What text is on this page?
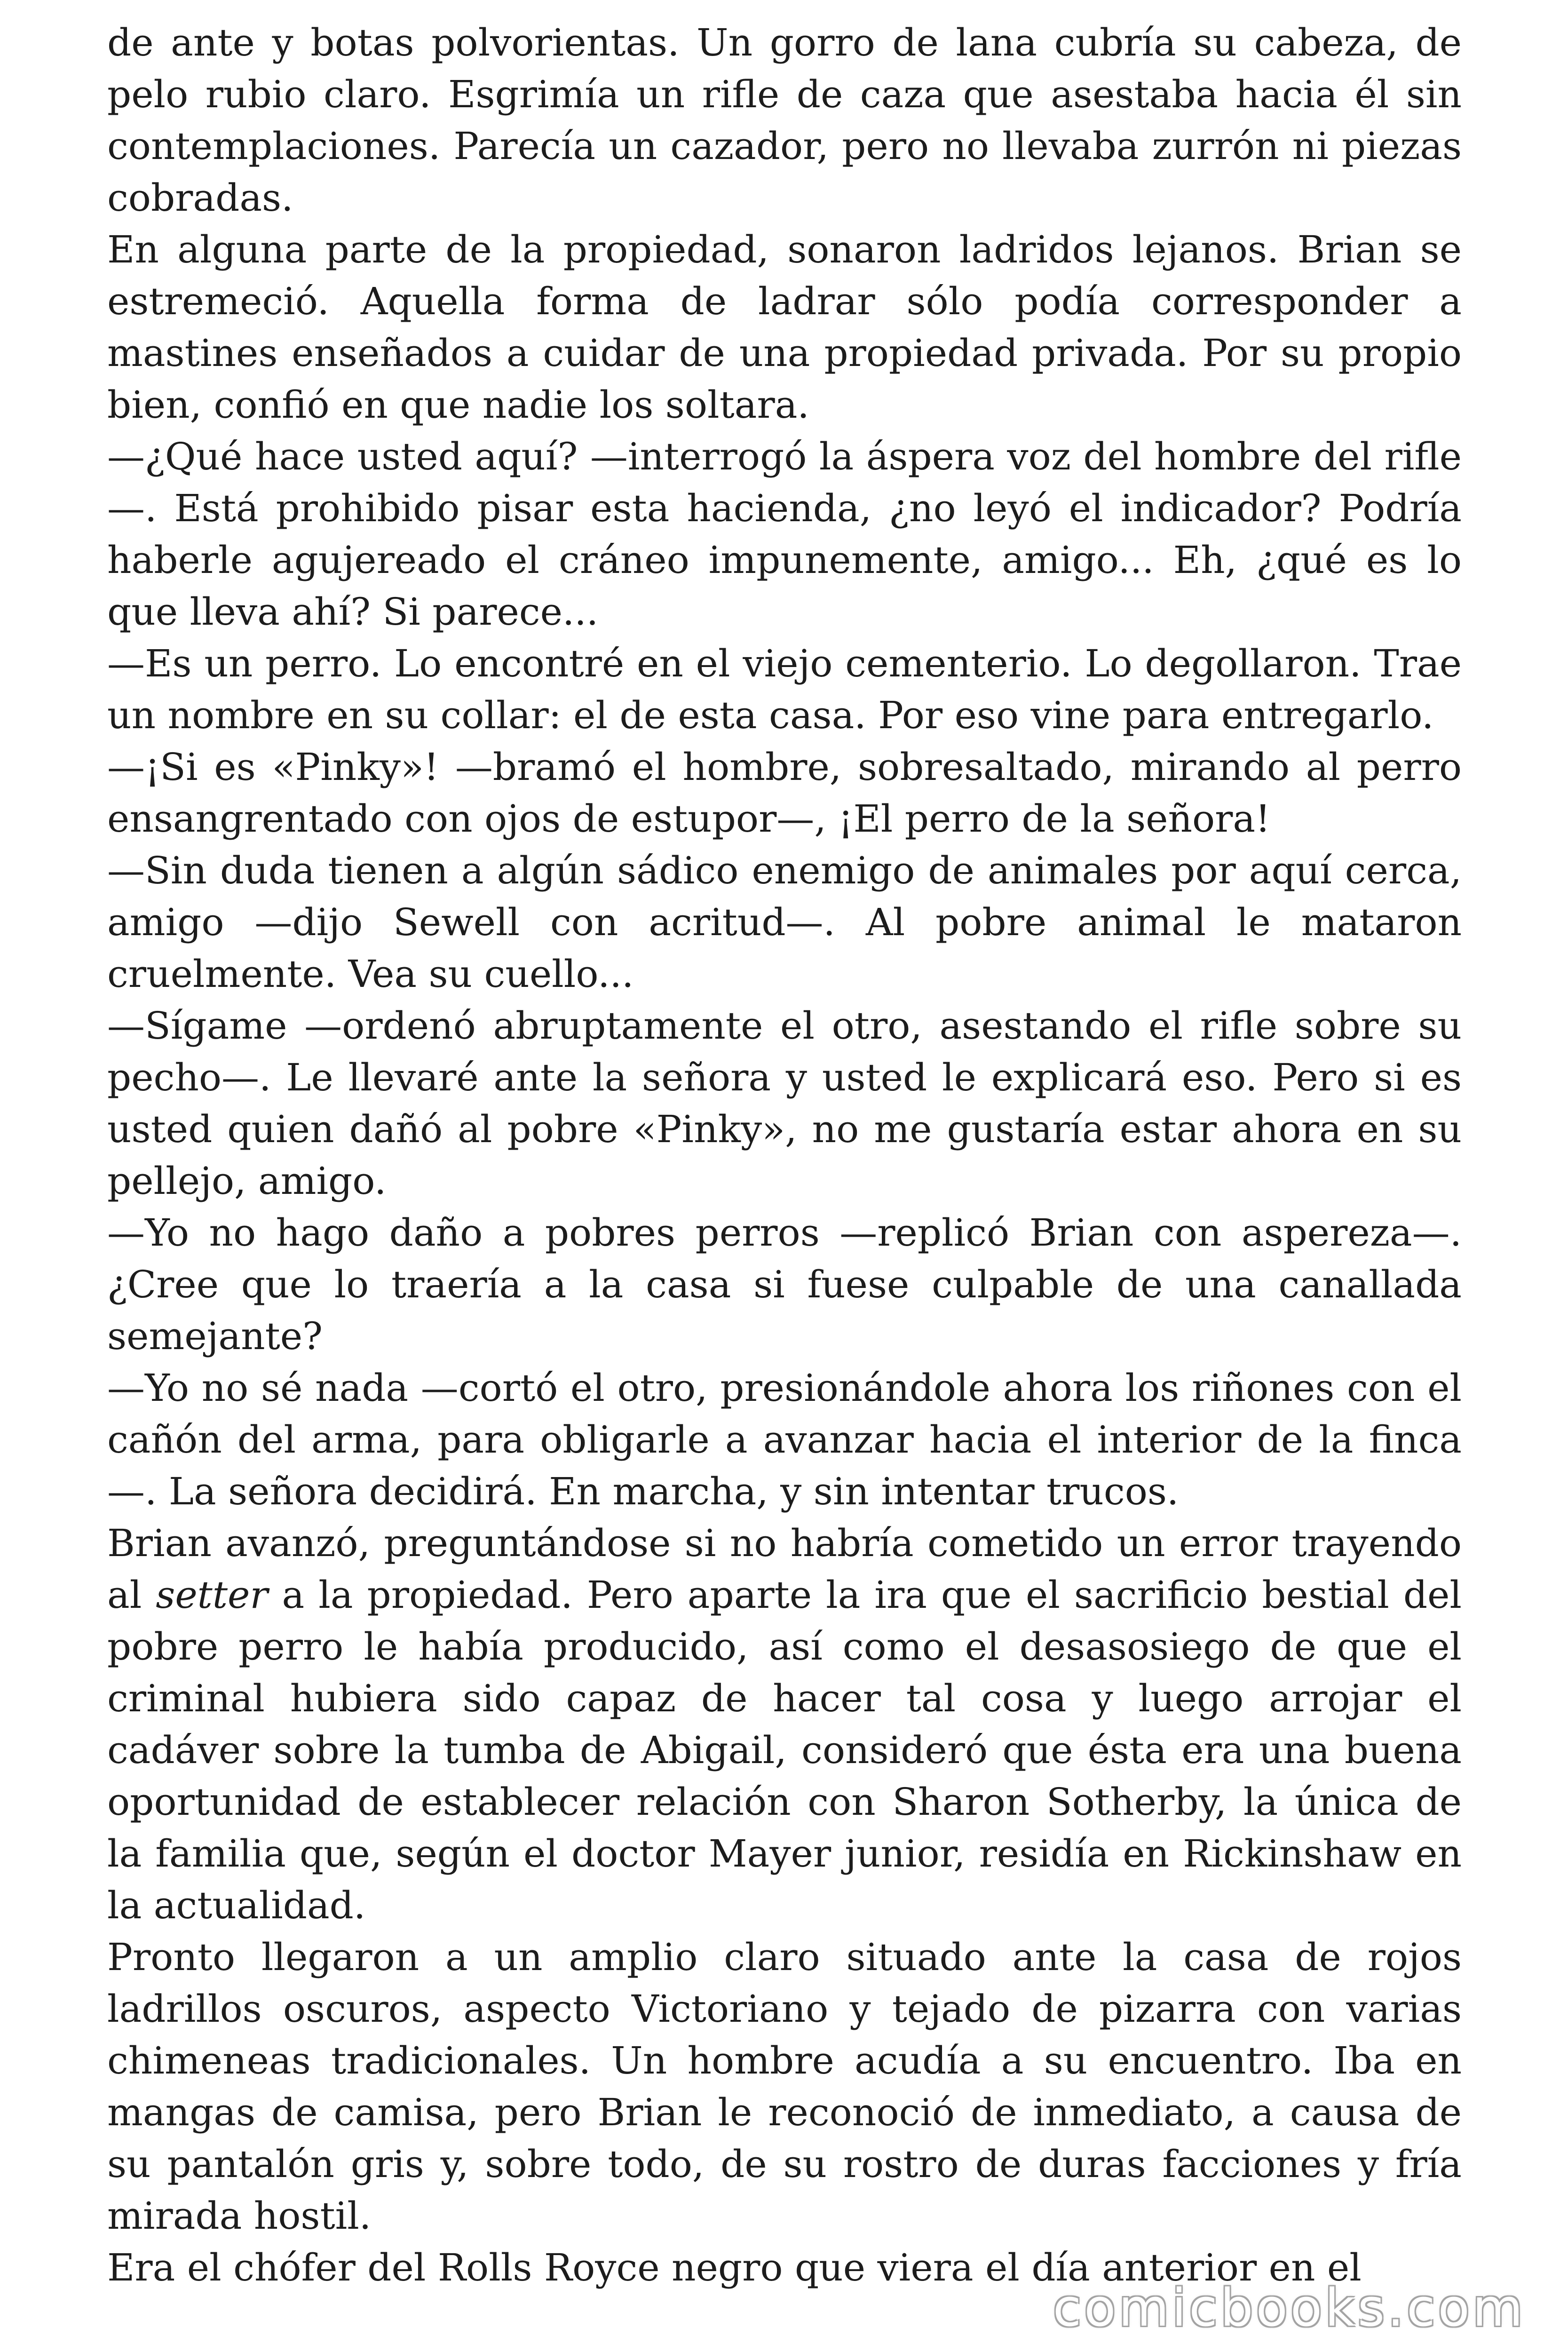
de ante y botas polvorientas. Un gorro de lana cubría su cabeza, de pelo rubio claro. Esgrimía un rifle de caza que asestaba hacia él sin contemplaciones. Parecía un cazador, pero no llevaba zurrón ni piezas cobradas.

En alguna parte de la propiedad, sonaron ladridos lejanos. Brian se estremeció. Aquella forma de ladrar sólo podía corresponder a mastines enseñados a cuidar de una propiedad privada. Por su propio bien, confió en que nadie los soltara.

—¿Qué hace usted aquí? —interrogó la áspera voz del hombre del rifle—. Está prohibido pisar esta hacienda, ¿no leyó el indicador? Podría haberle agujereado el cráneo impunemente, amigo... Eh, ¿qué es lo que lleva ahí? Si parece...

—Es un perro. Lo encontré en el viejo cementerio. Lo degollaron. Trae un nombre en su collar: el de esta casa. Por eso vine para entregarlo.

—¡Si es «Pinky»! —bramó el hombre, sobresaltado, mirando al perro ensangrentado con ojos de estupor—, ¡El perro de la señora!

—Sin duda tienen a algún sádico enemigo de animales por aquí cerca, amigo —dijo Sewell con acritud—. Al pobre animal le mataron cruelmente. Vea su cuello...

—Sígame —ordenó abruptamente el otro, asestando el rifle sobre su pecho—. Le llevaré ante la señora y usted le explicará eso. Pero si es usted quien dañó al pobre «Pinky», no me gustaría estar ahora en su pellejo, amigo.

—Yo no hago daño a pobres perros —replicó Brian con aspereza—. ¿Cree que lo traería a la casa si fuese culpable de una canallada semejante?

—Yo no sé nada —cortó el otro, presionándole ahora los riñones con el cañón del arma, para obligarle a avanzar hacia el interior de la finca—. La señora decidirá. En marcha, y sin intentar trucos.

Brian avanzó, preguntándose si no habría cometido un error trayendo al setter a la propiedad. Pero aparte la ira que el sacrificio bestial del pobre perro le había producido, así como el desasosiego de que el criminal hubiera sido capaz de hacer tal cosa y luego arrojar el cadáver sobre la tumba de Abigail, consideró que ésta era una buena oportunidad de establecer relación con Sharon Sotherby, la única de la familia que, según el doctor Mayer junior, residía en Rickinshaw en la actualidad.

Pronto llegaron a un amplio claro situado ante la casa de rojos ladrillos oscuros, aspecto Victoriano y tejado de pizarra con varias chimeneas tradicionales. Un hombre acudía a su encuentro. Iba en mangas de camisa, pero Brian le reconoció de inmediato, a causa de su pantalón gris y, sobre todo, de su rostro de duras facciones y fría mirada hostil.

Era el chófer del Rolls Royce negro que viera el día anterior en el

comicbooks.com
